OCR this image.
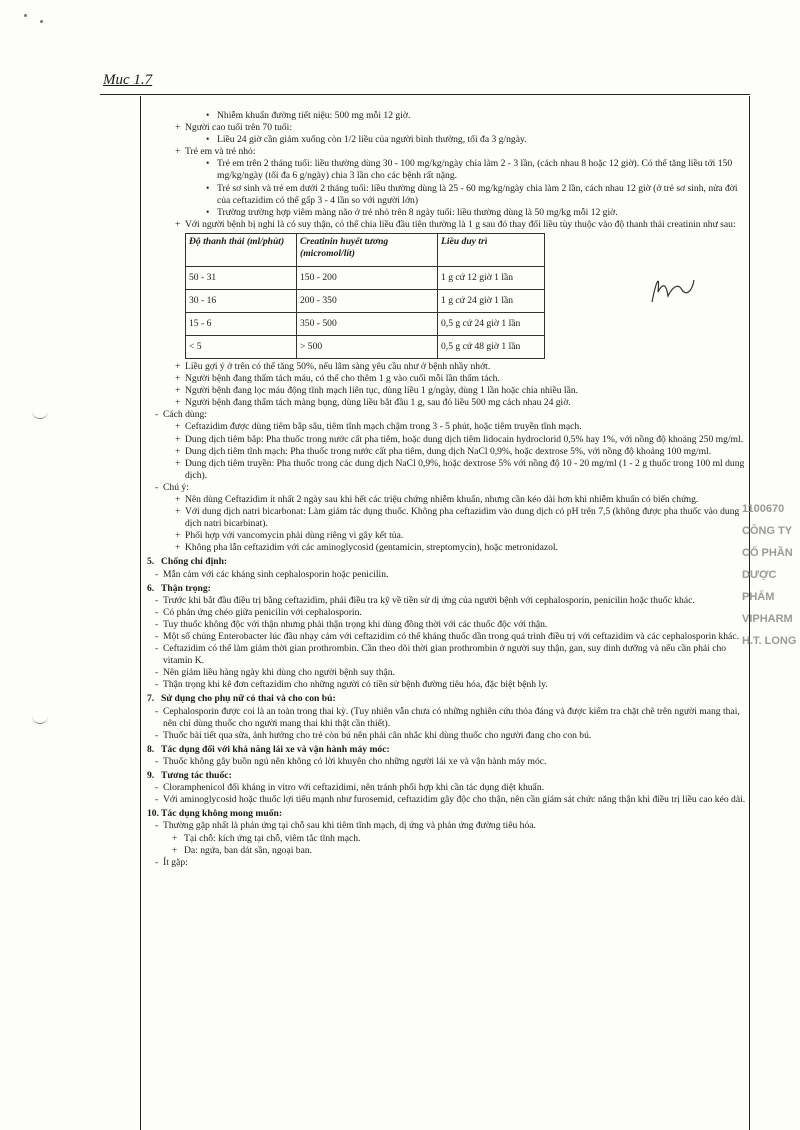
Muc 1.7
1100670
CÔNG TY
CỔ PHẦN
DƯỢC PHẨM
VIPHARM
H.T. LONG

• Nhiễm khuẩn đường tiết niệu: 500 mg mỗi 12 giờ.

+ Người cao tuổi trên 70 tuổi:

• Liều 24 giờ cần giảm xuống còn 1/2 liều của người bình thường, tối đa 3 g/ngày.

+ Trẻ em và trẻ nhỏ:

• Trẻ em trên 2 tháng tuổi: liều thường dùng 30 - 100 mg/kg/ngày chia làm 2 - 3 lần, (cách nhau 8 hoặc 12 giờ). Có thể tăng liều tới 150 mg/kg/ngày (tối đa 6 g/ngày) chia 3 lần cho các bệnh rất nặng.

• Trẻ sơ sinh và trẻ em dưới 2 tháng tuổi: liều thường dùng là 25 - 60 mg/kg/ngày chia làm 2 lần, cách nhau 12 giờ (ở trẻ sơ sinh, nửa đời của ceftazidim có thể gấp 3 - 4 lần so với người lớn)

• Trường trường hợp viêm màng não ở trẻ nhỏ trên 8 ngày tuổi: liều thường dùng là 50 mg/kg mỗi 12 giờ.

+ Với người bệnh bị nghi là có suy thận, có thể chia liều đầu tiên thường là 1 g sau đó thay đổi liều tùy thuộc vào độ thanh thải creatinin như sau:

Độ thanh thải (ml/phút)	Creatinin huyết tương (micromol/lít)	Liều duy trì
50 - 31	150 - 200	1 g cứ 12 giờ 1 lần
30 - 16	200 - 350	1 g cứ 24 giờ 1 lần
15 - 6	350 - 500	0,5 g cứ 24 giờ 1 lần
< 5	> 500	0,5 g cứ 48 giờ 1 lần

+ Liều gợi ý ở trên có thể tăng 50%, nếu lâm sàng yêu cầu như ở bệnh nhầy nhớt.

+ Người bệnh đang thẩm tách máu, có thể cho thêm 1 g vào cuối mỗi lần thẩm tách.

+ Người bệnh đang lọc máu động tĩnh mạch liên tục, dùng liều 1 g/ngày, dùng 1 lần hoặc chia nhiều lần.

+ Người bệnh đang thẩm tách màng bụng, dùng liều bắt đầu 1 g, sau đó liều 500 mg cách nhau 24 giờ.

- Cách dùng:

+ Ceftazidim được dùng tiêm bắp sâu, tiêm tĩnh mạch chậm trong 3 - 5 phút, hoặc tiêm truyền tĩnh mạch.

+ Dung dịch tiêm bắp: Pha thuốc trong nước cất pha tiêm, hoặc dung dịch tiêm lidocain hydroclorid 0,5% hay 1%, với nồng độ khoảng 250 mg/ml.

+ Dung dịch tiêm tĩnh mạch: Pha thuốc trong nước cất pha tiêm, dung dịch NaCl 0,9%, hoặc dextrose 5%, với nồng độ khoảng 100 mg/ml.

+ Dung dịch tiêm truyền: Pha thuốc trong các dung dịch NaCl 0,9%, hoặc dextrose 5% với nồng độ 10 - 20 mg/ml (1 - 2 g thuốc trong 100 ml dung dịch).

- Chú ý:

+ Nên dùng Ceftazidim ít nhất 2 ngày sau khi hết các triệu chứng nhiễm khuẩn, nhưng cần kéo dài hơn khi nhiễm khuẩn có biến chứng.

+ Với dung dịch natri bicarbonat: Làm giảm tác dụng thuốc. Không pha ceftazidim vào dung dịch có pH trên 7,5 (không được pha thuốc vào dung dịch natri bicarbinat).

+ Phối hợp với vancomycin phải dùng riêng vì gây kết tủa.

+ Không pha lẫn ceftazidim với các aminoglycosid (gentamicin, streptomycin), hoặc metronidazol.

5. Chống chỉ định:

- Mẫn cảm với các kháng sinh cephalosporin hoặc penicilin.

6. Thận trọng:

- Trước khi bắt đầu điều trị bằng ceftazidim, phải điều tra kỹ về tiền sử dị ứng của người bệnh với cephalosporin, penicilin hoặc thuốc khác.

- Có phản ứng chéo giữa penicilin với cephalosporin.

- Tuy thuốc không độc với thận nhưng phải thận trọng khi dùng đồng thời với các thuốc độc với thận.

- Một số chủng Enterobacter lúc đầu nhạy cảm với ceftazidim có thể kháng thuốc dần trong quá trình điều trị với ceftazidim và các cephalosporin khác.

- Ceftazidim có thể làm giảm thời gian prothrombin. Cần theo dõi thời gian prothrombin ở người suy thận, gan, suy dinh dưỡng và nếu cần phải cho vitamin K.

- Nên giảm liều hàng ngày khi dùng cho người bệnh suy thận.

- Thận trọng khi kê đơn ceftazidim cho những người có tiền sử bệnh đường tiêu hóa, đặc biệt bệnh ly.

7. Sử dụng cho phụ nữ có thai và cho con bú:

- Cephalosporin được coi là an toàn trong thai kỳ. (Tuy nhiên vẫn chưa có những nghiên cứu thỏa đáng và được kiểm tra chặt chẽ trên người mang thai, nên chỉ dùng thuốc cho người mang thai khi thật cần thiết).

- Thuốc bài tiết qua sữa, ảnh hưởng cho trẻ còn bú nên phải cân nhắc khi dùng thuốc cho người đang cho con bú.

8. Tác dụng đối với khả năng lái xe và vận hành máy móc:

- Thuốc không gây buồn ngủ nên không có lời khuyên cho những người lái xe và vận hành máy móc.

9. Tương tác thuốc:

- Cloramphenicol đối kháng in vitro với ceftazidimi, nên tránh phối hợp khi cần tác dụng diệt khuẩn.

- Với aminoglycosid hoặc thuốc lợi tiểu mạnh như furosemid, ceftazidim gây độc cho thận, nên cần giám sát chức năng thận khi điều trị liều cao kéo dài.

10. Tác dụng không mong muốn:

- Thường gặp nhất là phản ứng tại chỗ sau khi tiêm tĩnh mạch, dị ứng và phản ứng đường tiêu hóa.

+ Tại chỗ: kích ứng tại chỗ, viêm tắc tĩnh mạch.

+ Da: ngứa, ban dát sần, ngoại ban.

- Ít gặp:
